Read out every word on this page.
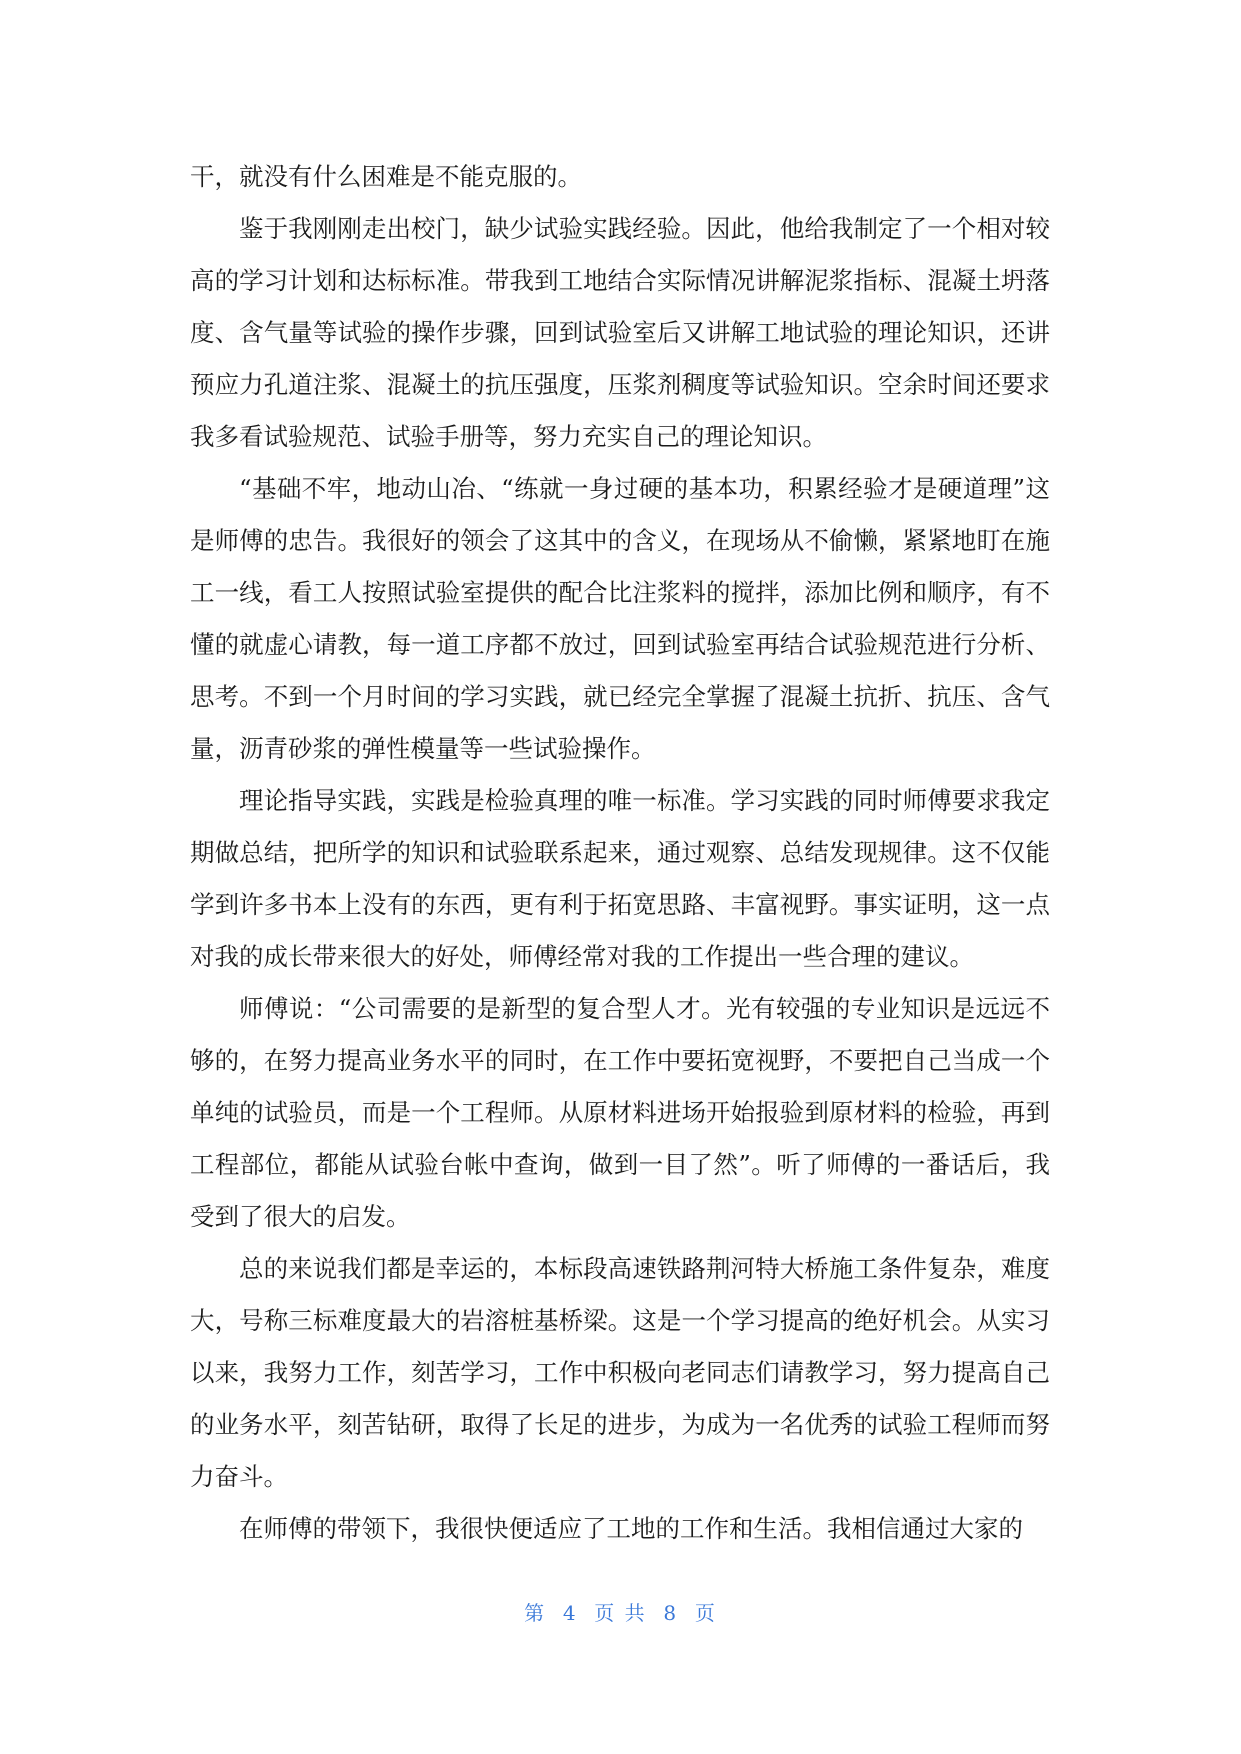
干，就没有什么困难是不能克服的。

鉴于我刚刚走出校门，缺少试验实践经验。因此，他给我制定了一个相对较高的学习计划和达标标准。带我到工地结合实际情况讲解泥浆指标、混凝土坍落度、含气量等试验的操作步骤，回到试验室后又讲解工地试验的理论知识，还讲预应力孔道注浆、混凝土的抗压强度，压浆剂稠度等试验知识。空余时间还要求我多看试验规范、试验手册等，努力充实自己的理论知识。

“基础不牢，地动山冶、“练就一身过硬的基本功，积累经验才是硬道理”这是师傅的忠告。我很好的领会了这其中的含义，在现场从不偷懒，紧紧地盯在施工一线，看工人按照试验室提供的配合比注浆料的搅拌，添加比例和顺序，有不懂的就虚心请教，每一道工序都不放过，回到试验室再结合试验规范进行分析、思考。不到一个月时间的学习实践，就已经完全掌握了混凝土抗折、抗压、含气量，沥青砂浆的弹性模量等一些试验操作。

理论指导实践，实践是检验真理的唯一标准。学习实践的同时师傅要求我定期做总结，把所学的知识和试验联系起来，通过观察、总结发现规律。这不仅能学到许多书本上没有的东西，更有利于拓宽思路、丰富视野。事实证明，这一点对我的成长带来很大的好处，师傅经常对我的工作提出一些合理的建议。

师傅说：“公司需要的是新型的复合型人才。光有较强的专业知识是远远不够的，在努力提高业务水平的同时，在工作中要拓宽视野，不要把自己当成一个单纯的试验员，而是一个工程师。从原材料进场开始报验到原材料的检验，再到工程部位，都能从试验台帐中查询，做到一目了然”。听了师傅的一番话后，我受到了很大的启发。

总的来说我们都是幸运的，本标段高速铁路荆河特大桥施工条件复杂，难度大，号称三标难度最大的岩溶桩基桥梁。这是一个学习提高的绝好机会。从实习以来，我努力工作，刻苦学习，工作中积极向老同志们请教学习，努力提高自己的业务水平，刻苦钻研，取得了长足的进步，为成为一名优秀的试验工程师而努力奋斗。

在师傅的带领下，我很快便适应了工地的工作和生活。我相信通过大家的

第  4  页 共  8  页
